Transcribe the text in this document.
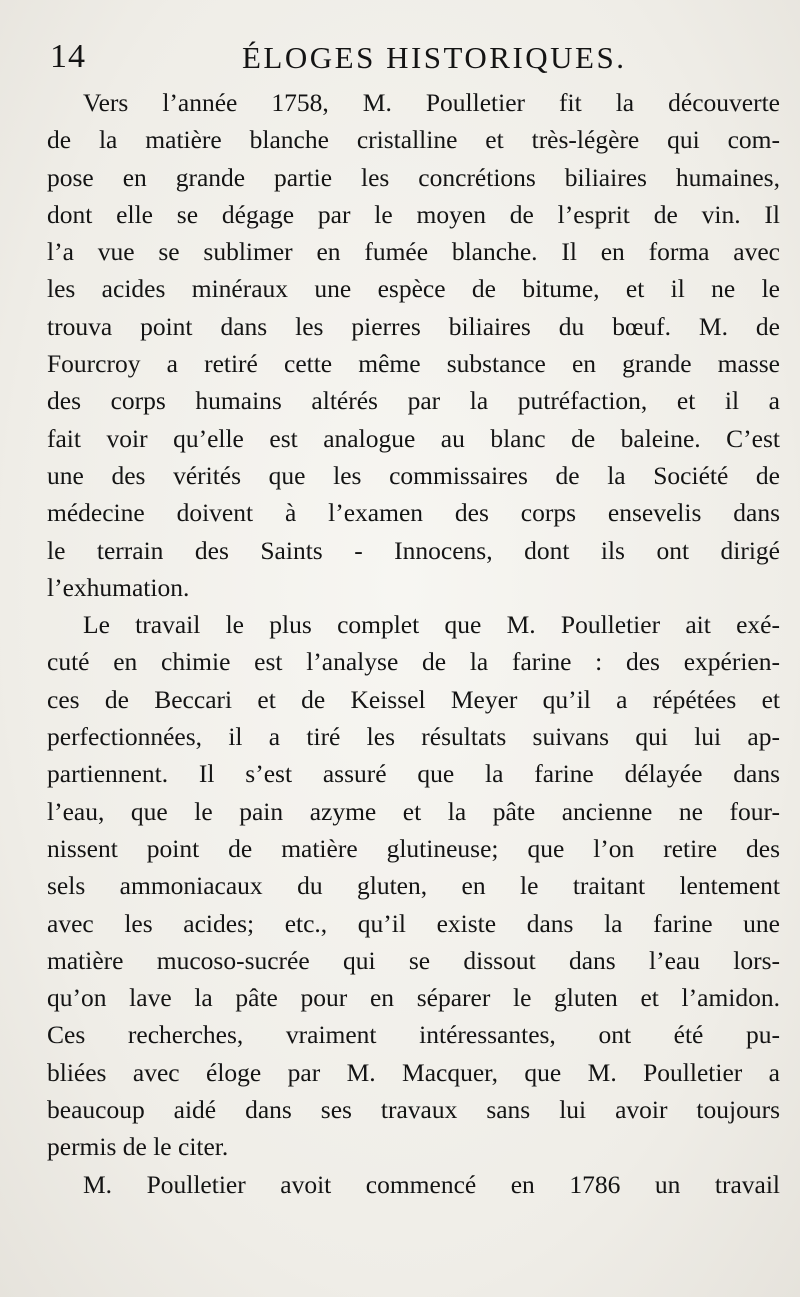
14	ÉLOGES HISTORIQUES.
Vers l’année 1758, M. Poulletier fit la découverte
de la matière blanche cristalline et très-légère qui com-
pose en grande partie les concrétions biliaires humaines,
dont elle se dégage par le moyen de l’esprit de vin. Il
l’a vue se sublimer en fumée blanche. Il en forma avec
les acides minéraux une espèce de bitume, et il ne le
trouva point dans les pierres biliaires du bœuf. M. de
Fourcroy a retiré cette même substance en grande masse
des corps humains altérés par la putréfaction, et il a
fait voir qu’elle est analogue au blanc de baleine. C’est
une des vérités que les commissaires de la Société de
médecine doivent à l’examen des corps ensevelis dans
le terrain des Saints - Innocens, dont ils ont dirigé
l’exhumation.
Le travail le plus complet que M. Poulletier ait exé-
cuté en chimie est l’analyse de la farine : des expérien-
ces de Beccari et de Keissel Meyer qu’il a répétées et
perfectionnées, il a tiré les résultats suivans qui lui ap-
partiennent. Il s’est assuré que la farine délayée dans
l’eau, que le pain azyme et la pâte ancienne ne four-
nissent point de matière glutineuse; que l’on retire des
sels ammoniacaux du gluten, en le traitant lentement
avec les acides; etc., qu’il existe dans la farine une
matière mucoso-sucrée qui se dissout dans l’eau lors-
qu’on lave la pâte pour en séparer le gluten et l’amidon.
Ces recherches, vraiment intéressantes, ont été pu-
bliées avec éloge par M. Macquer, que M. Poulletier a
beaucoup aidé dans ses travaux sans lui avoir toujours
permis de le citer.
M. Poulletier avoit commencé en 1786 un travail
